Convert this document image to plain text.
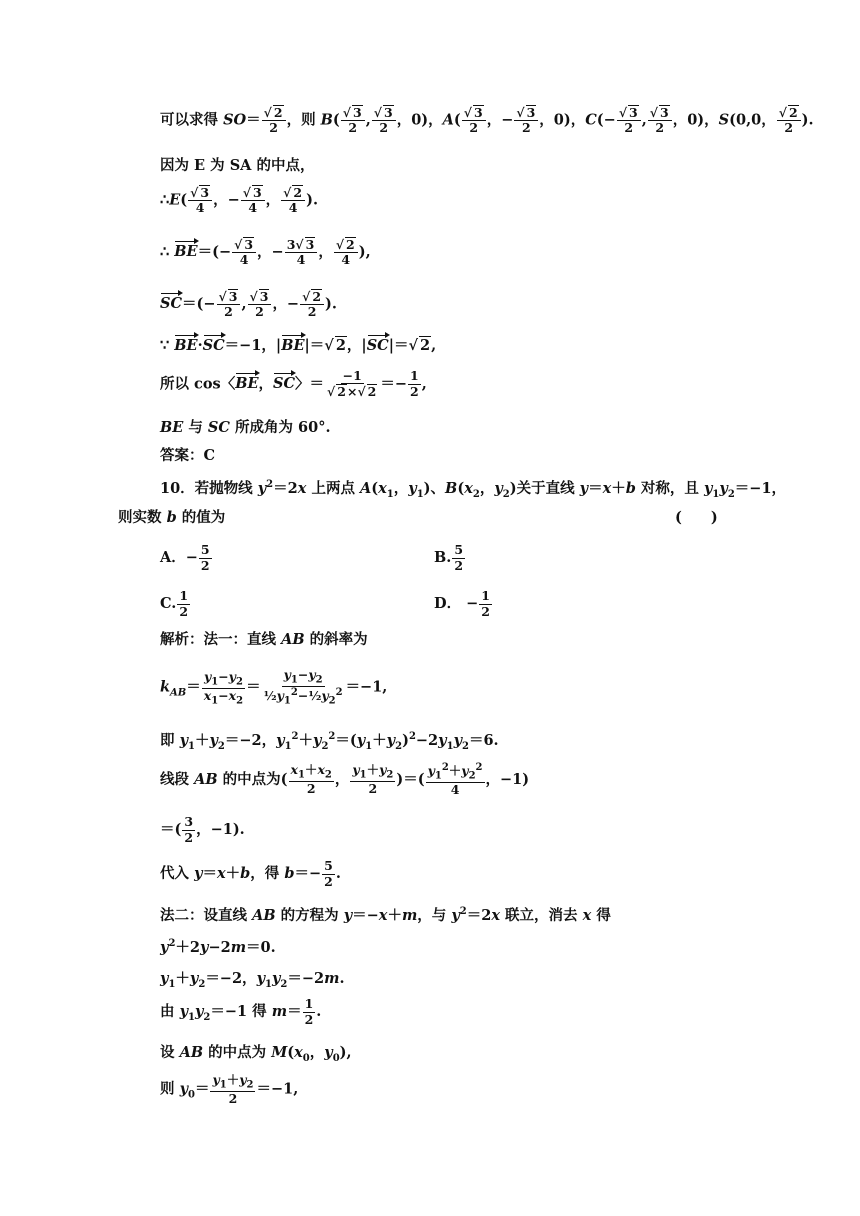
可以求得 $SO= \frac{√ 2}{2}$ ，则 $B( \frac{√ 3}{2}$ , $\frac{√ 3}{2}$ ，0)，$A( \frac{√ 3}{2}$ ，− $\frac{√ 3}{2}$ ，0)，$C(- \frac{√ 3}{2}$ , $\frac{√ 3}{2}$ ，0)，S(0,0， $\frac{√ 2}{2}$ ).
因为 E 为 SA 的中点，
∴E( $\frac{√ 3}{4}$ ，− $\frac{√ 3}{4}$ ， $\frac{√ 2}{4}$ ).
∴ $BE=(- \frac{√ 3}{4}$ ，− $\frac{3√ 3}{4}$ ， $\frac{√ 2}{4}$ ),
$SC=(- \frac{√ 3}{2}$ , $\frac{√ 3}{2}$ ，− $\frac{√ 2}{2}$ ).
∵ BE·SC＝−1，|BE|＝√ 2，|SC|＝√ 2,
所以 cos〈BE，SC〉＝ $\frac{-1}{√ 2\times√ 2} =- \frac{1}{2}$ ,
BE 与 SC 所成角为 60°.
答案：C
10．若抛物线 $y^2=2x$ 上两点 $A(x_1$，$y_1$)、$B(x_2$，$y_2$)关于直线 y＝x＋b 对称，且 $y_1y_2=-1$，
则实数 b 的值为	(　　)
A．− $\frac{5}{2}$	B. $\frac{5}{2}$
C. $\frac{1}{2}$	D． − $\frac{1}{2}$
解析：法一：直线 AB 的斜率为
$k_{AB}= \frac{y_1-y_2}{x_1-x_2} = \frac{y_1-y_2}{\frac{1}{2}y_1^2-\frac{1}{2}y_2^2} =-1$,
即 $y_1+y_2=-2$，$y_1^2+y_2^2=(y_1+y_2)^2-2y_1y_2=6$.
线段 AB 的中点为( $\frac{x_1+x_2}{2}$ ， $\frac{y_1+y_2}{2}$ )＝( $\frac{y_1^2+y_2^2}{4}$ ，−1)
＝( $\frac{3}{2}$ ，−1).
代入 y＝x＋b，得 $b=- \frac{5}{2}$ .
法二：设直线 AB 的方程为 y＝−x＋m，与 $y^2=2x$ 联立，消去 x 得
$y^2+2y-2m=0$.
$y_1+y_2=-2$，$y_1y_2=-2m$.
由 $y_1y_2=-1$ 得 $m= \frac{1}{2}$ .
设 AB 的中点为 $M(x_0$，$y_0$),
则 $y_0= \frac{y_1+y_2}{2} =-1$,
